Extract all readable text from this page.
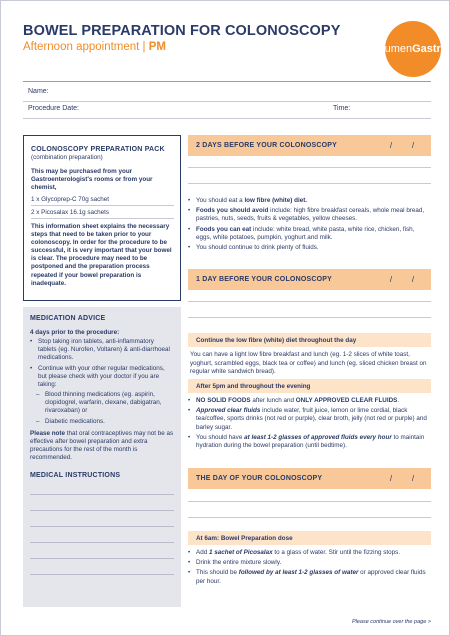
BOWEL PREPARATION FOR COLONOSCOPY
Afternoon appointment | PM	Lumen Gastro
Name:
Procedure Date:	Time:
COLONOSCOPY PREPARATION PACK
(combination preparation)
This may be purchased from your Gastroenterologist's rooms or from your chemist,
1 x Glycoprep-C 70g sachet
2 x Picosalax 16.1g sachets
This information sheet explains the necessary steps that need to be taken prior to your colonoscopy. In order for the procedure to be successful, it is very important that your bowel is clear. The procedure may need to be postponed and the preparation process repeated if your bowel preparation is inadequate.
MEDICATION ADVICE
4 days prior to the procedure:
• Stop taking iron tablets, anti-inflammatory tablets (eg. Nurofen, Voltaren) & anti-diarrhoeal medications.
• Continue with your other regular medications, but please check with your doctor if you are taking:
– Blood thinning medications (eg. aspirin, clopidogrel, warfarin, clexane, dabigatran, rivaroxaban) or
– Diabetic medications.
Please note that oral contraceptives may not be as effective after bowel preparation and extra precautions for the rest of the month is recommended.
MEDICAL INSTRUCTIONS
2 DAYS BEFORE YOUR COLONOSCOPY	/ /
• You should eat a low fibre (white) diet.
• Foods you should avoid include: high fibre breakfast cereals, whole meal bread, pastries, nuts, seeds, fruits & vegetables, yellow cheeses.
• Foods you can eat include: white bread, white pasta, white rice, chicken, fish, eggs, white potatoes, pumpkin, yoghurt and milk.
• You should continue to drink plenty of fluids.
1 DAY BEFORE YOUR COLONOSCOPY	/ /
Continue the low fibre (white) diet throughout the day
You can have a light low fibre breakfast and lunch (eg. 1-2 slices of white toast, yoghurt, scrambled eggs, black tea or coffee) and lunch (eg. sliced chicken breast on regular white sandwich bread).
After 5pm and throughout the evening
• NO SOLID FOODS after lunch and ONLY APPROVED CLEAR FLUIDS.
• Approved clear fluids include water, fruit juice, lemon or lime cordial, black tea/coffee, sports drinks (not red or purple), clear broth, jelly (not red or purple) and barley sugar.
• You should have at least 1-2 glasses of approved fluids every hour to maintain hydration during the bowel preparation (until bedtime).
THE DAY OF YOUR COLONOSCOPY	/ /
At 6am: Bowel Preparation dose
• Add 1 sachet of Picosalax to a glass of water. Stir until the fizzing stops.
• Drink the entire mixture slowly.
• This should be followed by at least 1-2 glasses of water or approved clear fluids per hour.
Please continue over the page >
